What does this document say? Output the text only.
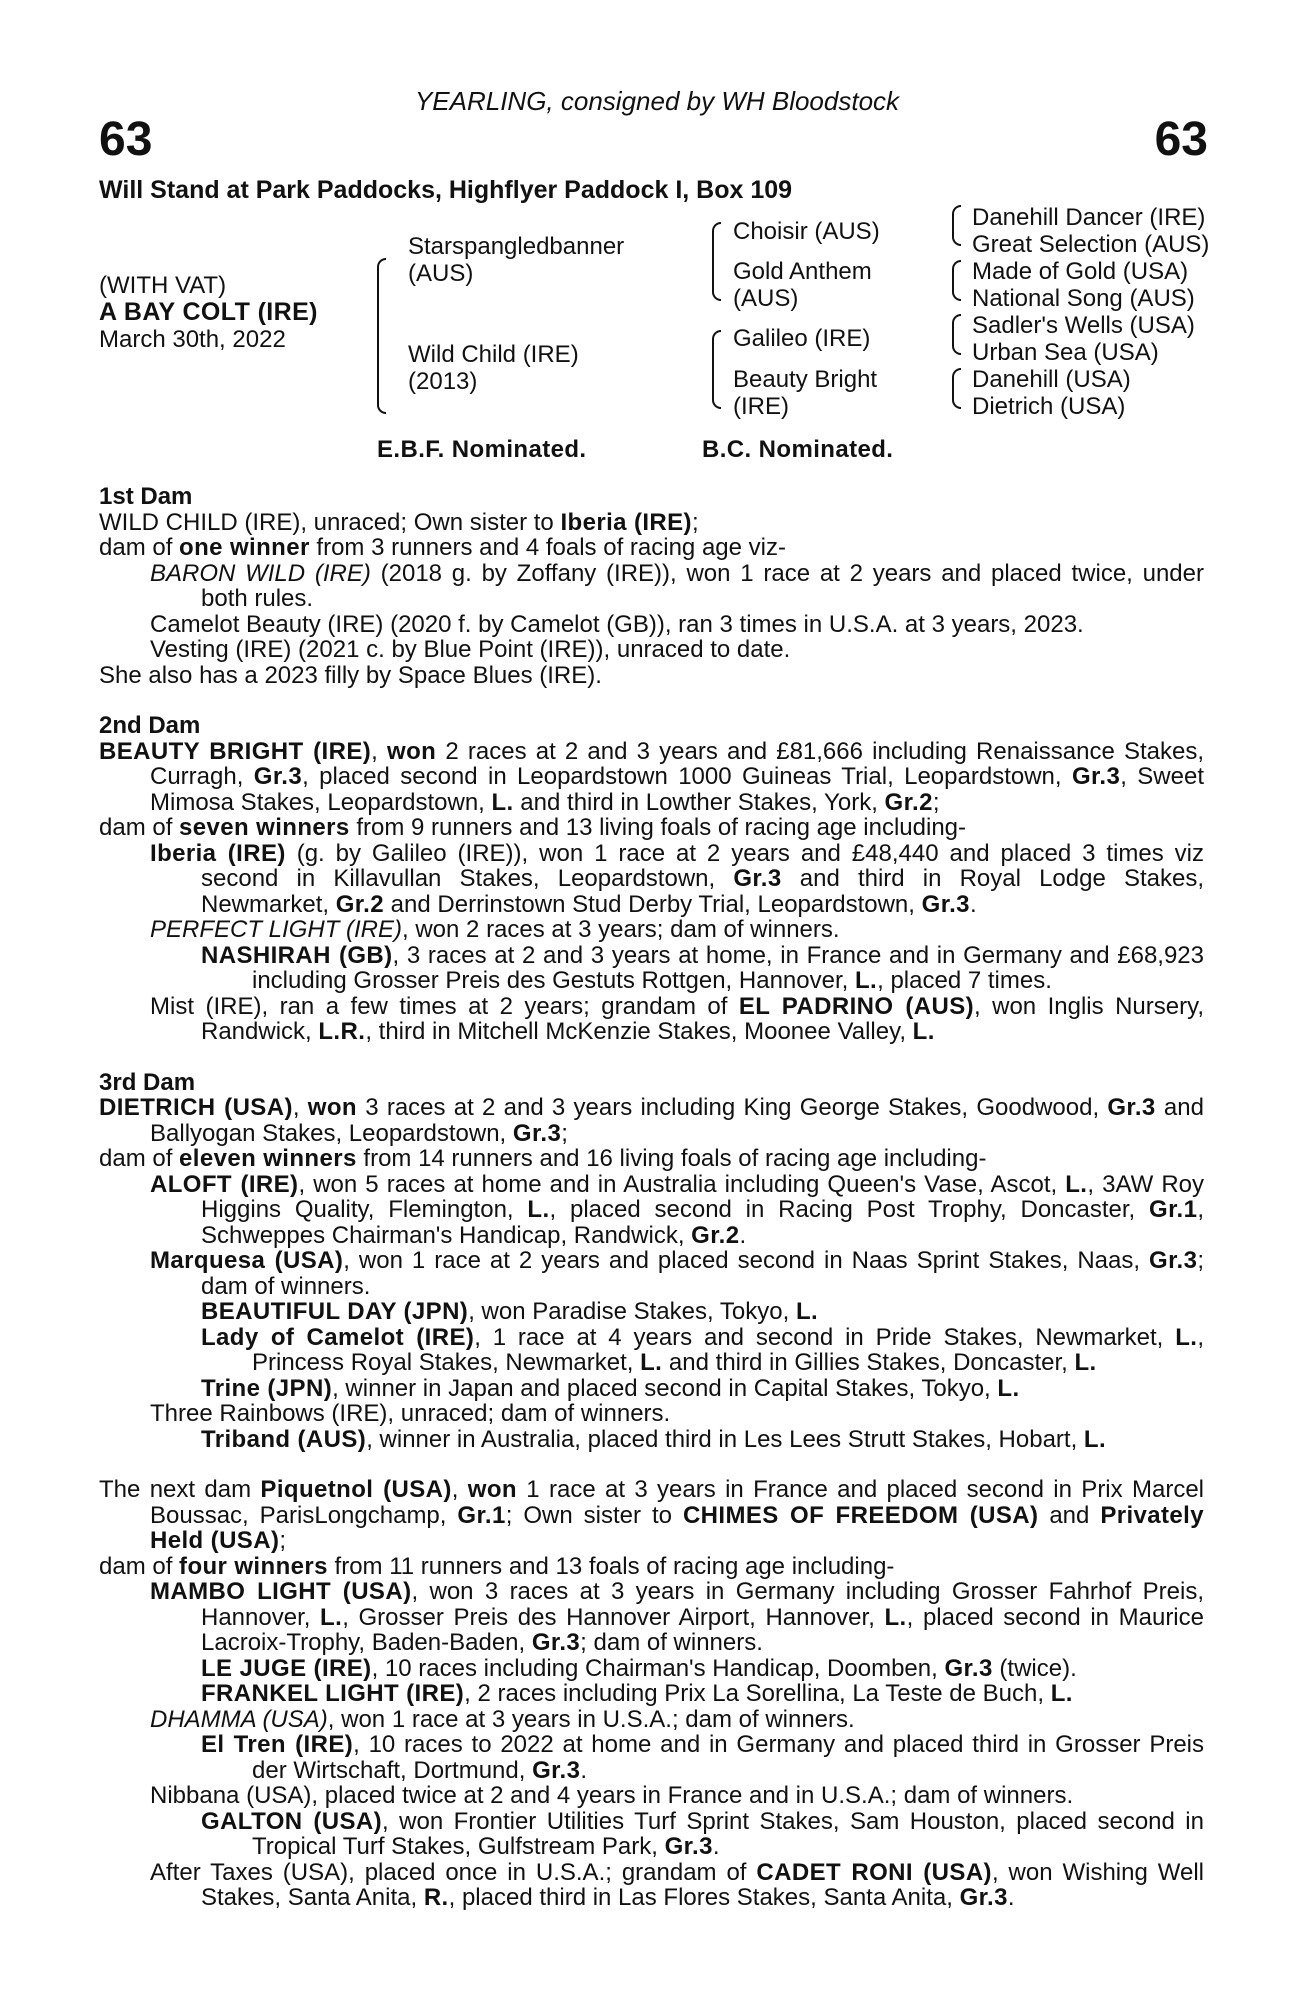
YEARLING, consigned by WH Bloodstock
63	63
Will Stand at Park Paddocks, Highflyer Paddock I, Box 109
(WITH VAT)
A BAY COLT (IRE)
March 30th, 2022
Starspangledbanner
(AUS)
Wild Child (IRE)
(2013)
Choisir (AUS)
Gold Anthem
(AUS)
Galileo (IRE)
Beauty Bright
(IRE)
Danehill Dancer (IRE)
Great Selection (AUS)
Made of Gold (USA)
National Song (AUS)
Sadler's Wells (USA)
Urban Sea (USA)
Danehill (USA)
Dietrich (USA)
E.B.F. Nominated.	B.C. Nominated.

1st Dam

WILD CHILD (IRE), unraced; Own sister to Iberia (IRE);

dam of one winner from 3 runners and 4 foals of racing age viz-

BARON WILD (IRE) (2018 g. by Zoffany (IRE)), won 1 race at 2 years and placed twice, under both rules.

Camelot Beauty (IRE) (2020 f. by Camelot (GB)), ran 3 times in U.S.A. at 3 years, 2023.

Vesting (IRE) (2021 c. by Blue Point (IRE)), unraced to date.

She also has a 2023 filly by Space Blues (IRE).

2nd Dam

BEAUTY BRIGHT (IRE), won 2 races at 2 and 3 years and £81,666 including Renaissance Stakes, Curragh, Gr.3, placed second in Leopardstown 1000 Guineas Trial, Leopardstown, Gr.3, Sweet Mimosa Stakes, Leopardstown, L. and third in Lowther Stakes, York, Gr.2;

dam of seven winners from 9 runners and 13 living foals of racing age including-

Iberia (IRE) (g. by Galileo (IRE)), won 1 race at 2 years and £48,440 and placed 3 times viz second in Killavullan Stakes, Leopardstown, Gr.3 and third in Royal Lodge Stakes, Newmarket, Gr.2 and Derrinstown Stud Derby Trial, Leopardstown, Gr.3.

PERFECT LIGHT (IRE), won 2 races at 3 years; dam of winners.

NASHIRAH (GB), 3 races at 2 and 3 years at home, in France and in Germany and £68,923 including Grosser Preis des Gestuts Rottgen, Hannover, L., placed 7 times.

Mist (IRE), ran a few times at 2 years; grandam of EL PADRINO (AUS), won Inglis Nursery, Randwick, L.R., third in Mitchell McKenzie Stakes, Moonee Valley, L.

3rd Dam

DIETRICH (USA), won 3 races at 2 and 3 years including King George Stakes, Goodwood, Gr.3 and Ballyogan Stakes, Leopardstown, Gr.3;

dam of eleven winners from 14 runners and 16 living foals of racing age including-

ALOFT (IRE), won 5 races at home and in Australia including Queen's Vase, Ascot, L., 3AW Roy Higgins Quality, Flemington, L., placed second in Racing Post Trophy, Doncaster, Gr.1, Schweppes Chairman's Handicap, Randwick, Gr.2.

Marquesa (USA), won 1 race at 2 years and placed second in Naas Sprint Stakes, Naas, Gr.3; dam of winners.

BEAUTIFUL DAY (JPN), won Paradise Stakes, Tokyo, L.

Lady of Camelot (IRE), 1 race at 4 years and second in Pride Stakes, Newmarket, L., Princess Royal Stakes, Newmarket, L. and third in Gillies Stakes, Doncaster, L.

Trine (JPN), winner in Japan and placed second in Capital Stakes, Tokyo, L.

Three Rainbows (IRE), unraced; dam of winners.

Triband (AUS), winner in Australia, placed third in Les Lees Strutt Stakes, Hobart, L.

The next dam Piquetnol (USA), won 1 race at 3 years in France and placed second in Prix Marcel Boussac, ParisLongchamp, Gr.1; Own sister to CHIMES OF FREEDOM (USA) and Privately Held (USA);

dam of four winners from 11 runners and 13 foals of racing age including-

MAMBO LIGHT (USA), won 3 races at 3 years in Germany including Grosser Fahrhof Preis, Hannover, L., Grosser Preis des Hannover Airport, Hannover, L., placed second in Maurice Lacroix-Trophy, Baden-Baden, Gr.3; dam of winners.

LE JUGE (IRE), 10 races including Chairman's Handicap, Doomben, Gr.3 (twice).

FRANKEL LIGHT (IRE), 2 races including Prix La Sorellina, La Teste de Buch, L.

DHAMMA (USA), won 1 race at 3 years in U.S.A.; dam of winners.

El Tren (IRE), 10 races to 2022 at home and in Germany and placed third in Grosser Preis der Wirtschaft, Dortmund, Gr.3.

Nibbana (USA), placed twice at 2 and 4 years in France and in U.S.A.; dam of winners.

GALTON (USA), won Frontier Utilities Turf Sprint Stakes, Sam Houston, placed second in Tropical Turf Stakes, Gulfstream Park, Gr.3.

After Taxes (USA), placed once in U.S.A.; grandam of CADET RONI (USA), won Wishing Well Stakes, Santa Anita, R., placed third in Las Flores Stakes, Santa Anita, Gr.3.
